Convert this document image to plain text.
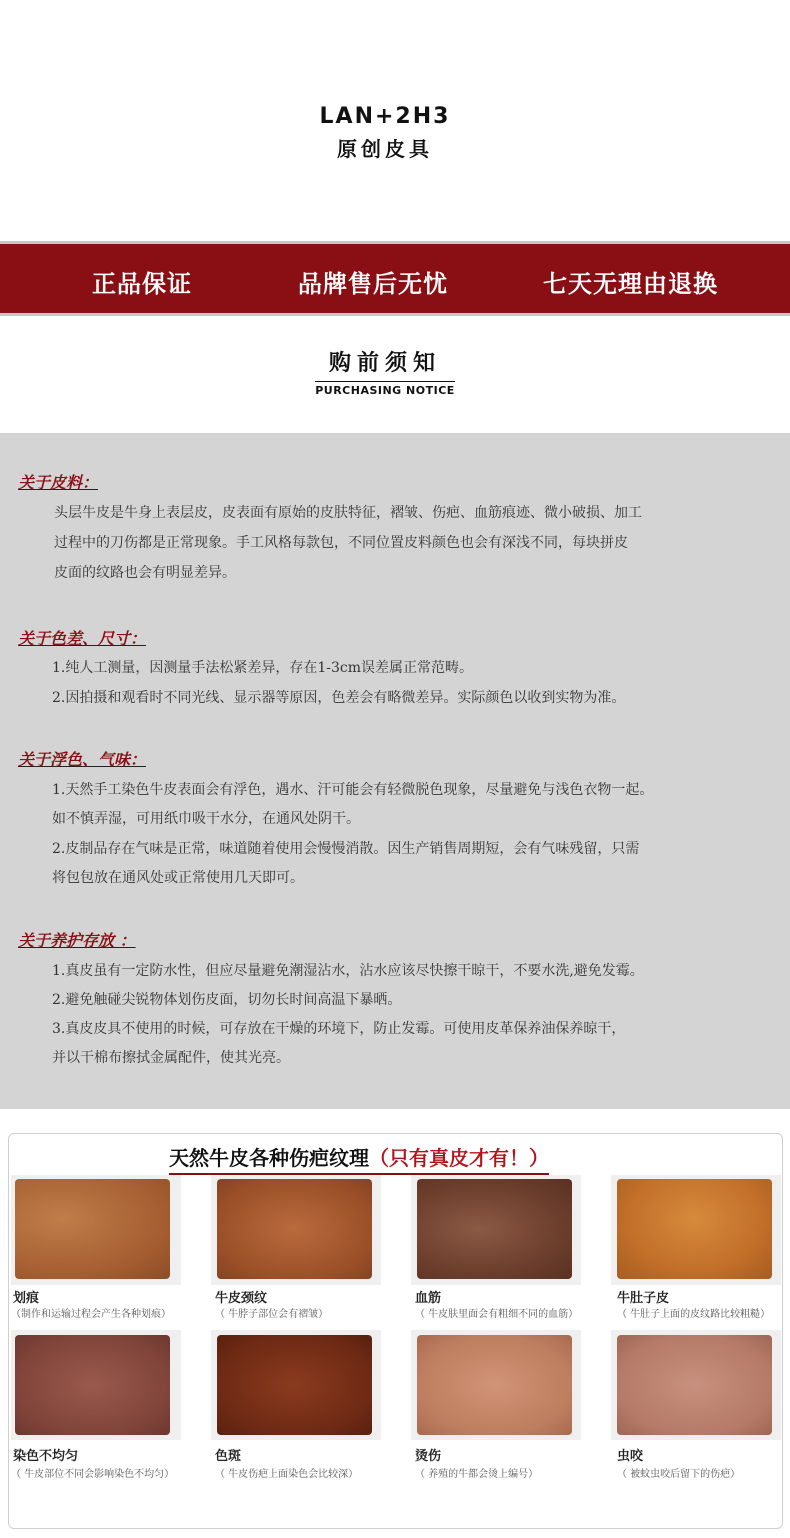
LAN+2H3
原创皮具
正品保证	品牌售后无忧	七天无理由退换
购前须知
PURCHASING NOTICE
关于皮料：
头层牛皮是牛身上表层皮，皮表面有原始的皮肤特征，褶皱、伤疤、血筋痕迹、微小破损、加工
过程中的刀伤都是正常现象。手工风格每款包，不同位置皮料颜色也会有深浅不同，每块拼皮
皮面的纹路也会有明显差异。
关于色差、尺寸：
1.纯人工测量，因测量手法松紧差异，存在1-3cm误差属正常范畴。
2.因拍摄和观看时不同光线、显示器等原因，色差会有略微差异。实际颜色以收到实物为准。
关于浮色、气味：
1.天然手工染色牛皮表面会有浮色，遇水、汗可能会有轻微脱色现象，尽量避免与浅色衣物一起。
如不慎弄湿，可用纸巾吸干水分，在通风处阴干。
2.皮制品存在气味是正常，味道随着使用会慢慢消散。因生产销售周期短，会有气味残留，只需
将包包放在通风处或正常使用几天即可。
关于养护存放 ：
1.真皮虽有一定防水性，但应尽量避免潮湿沾水，沾水应该尽快擦干晾干，不要水洗,避免发霉。
2.避免触碰尖锐物体划伤皮面，切勿长时间高温下暴晒。
3.真皮皮具不使用的时候，可存放在干燥的环境下，防止发霉。可使用皮革保养油保养晾干，
并以干棉布擦拭金属配件，使其光亮。
天然牛皮各种伤疤纹理（只有真皮才有！）
划痕
（制作和运输过程会产生各种划痕）
牛皮颈纹
（ 牛脖子部位会有褶皱）
血筋
（ 牛皮肤里面会有粗细不同的血筋）
牛肚子皮
（ 牛肚子上面的皮纹路比较粗糙）
染色不均匀
（ 牛皮部位不同会影响染色不均匀）
色斑
（ 牛皮伤疤上面染色会比较深）
烫伤
（ 养殖的牛都会烫上编号）
虫咬
（ 被蚊虫咬后留下的伤疤）
